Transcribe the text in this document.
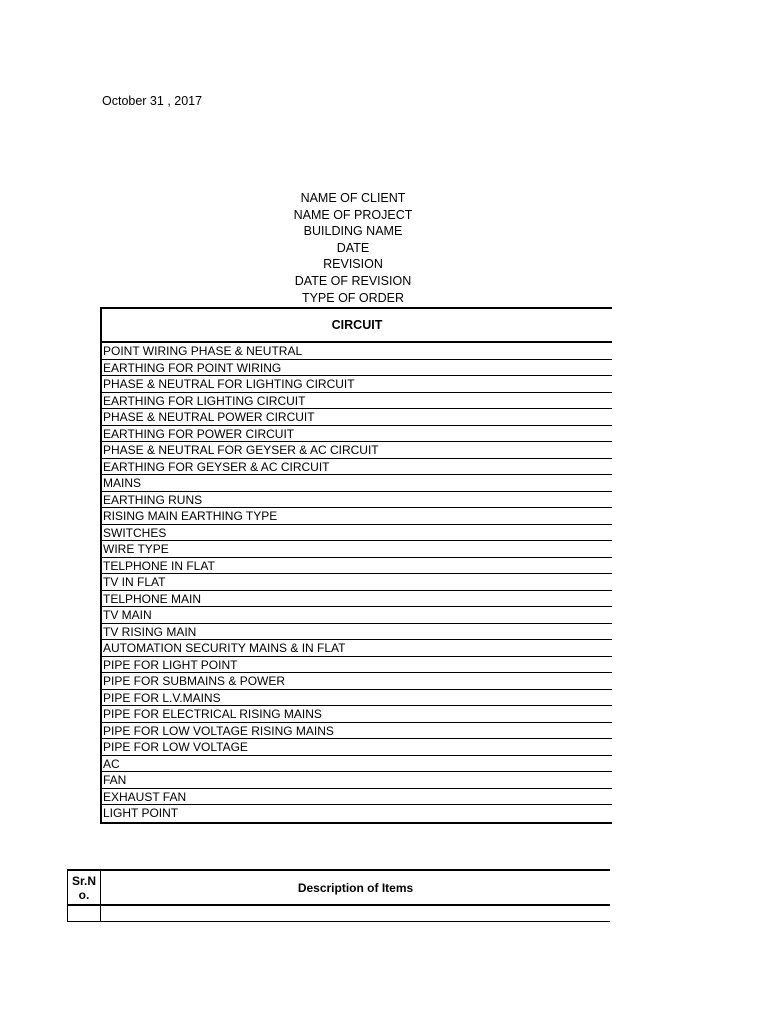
October 31 , 2017
NAME OF CLIENT
NAME OF PROJECT
BUILDING NAME
DATE
REVISION
DATE OF REVISION
TYPE OF ORDER
CIRCUIT
POINT WIRING PHASE & NEUTRAL
EARTHING FOR POINT WIRING
PHASE & NEUTRAL FOR LIGHTING CIRCUIT
EARTHING FOR LIGHTING CIRCUIT
PHASE & NEUTRAL POWER CIRCUIT
EARTHING FOR POWER CIRCUIT
PHASE & NEUTRAL FOR GEYSER & AC CIRCUIT
EARTHING FOR GEYSER & AC CIRCUIT
MAINS
EARTHING RUNS
RISING MAIN EARTHING TYPE
SWITCHES
WIRE TYPE
TELPHONE IN FLAT
TV IN FLAT
TELPHONE MAIN
TV MAIN
TV RISING MAIN
AUTOMATION SECURITY MAINS & IN FLAT
PIPE FOR LIGHT POINT
PIPE FOR SUBMAINS & POWER
PIPE FOR L.V.MAINS
PIPE FOR ELECTRICAL RISING MAINS
PIPE FOR LOW VOLTAGE RISING MAINS
PIPE FOR LOW VOLTAGE
AC
FAN
EXHAUST FAN
LIGHT POINT
Sr.No.	Description of Items
